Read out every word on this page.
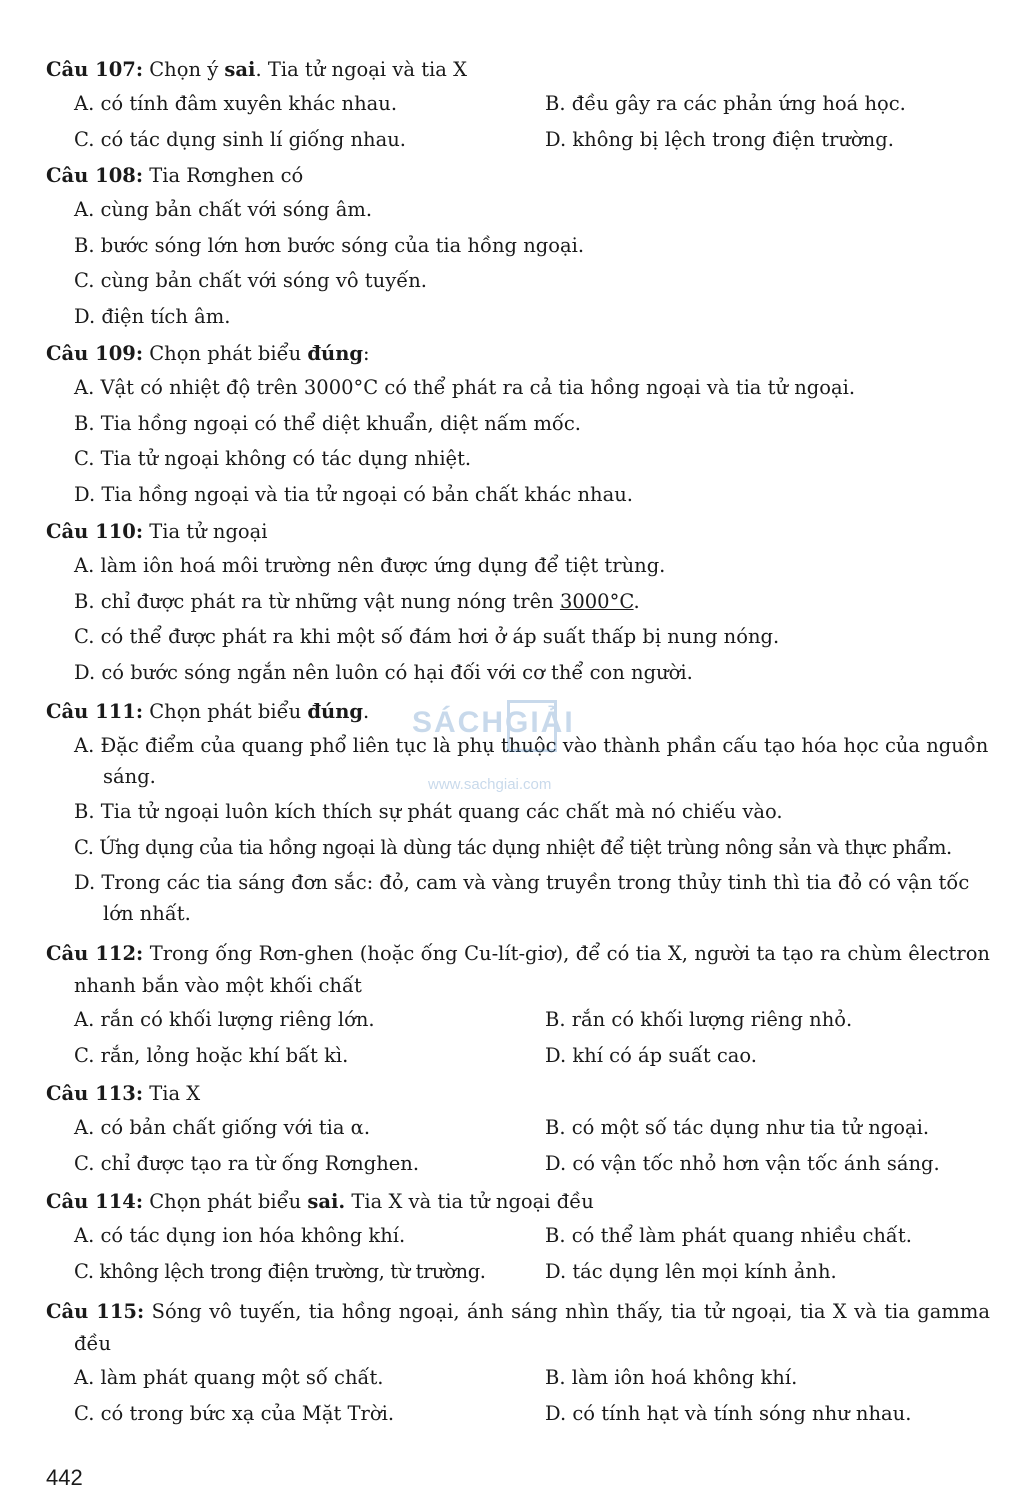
Câu 107: Chọn ý sai. Tia tử ngoại và tia X

A. có tính đâm xuyên khác nhau.	B. đều gây ra các phản ứng hoá học.
C. có tác dụng sinh lí giống nhau.	D. không bị lệch trong điện trường.

Câu 108: Tia Rơnghen có

A. cùng bản chất với sóng âm.
B. bước sóng lớn hơn bước sóng của tia hồng ngoại.
C. cùng bản chất với sóng vô tuyến.
D. điện tích âm.

Câu 109: Chọn phát biểu đúng:

A. Vật có nhiệt độ trên 3000°C có thể phát ra cả tia hồng ngoại và tia tử ngoại.
B. Tia hồng ngoại có thể diệt khuẩn, diệt nấm mốc.
C. Tia tử ngoại không có tác dụng nhiệt.
D. Tia hồng ngoại và tia tử ngoại có bản chất khác nhau.

Câu 110: Tia tử ngoại

A. làm iôn hoá môi trường nên được ứng dụng để tiệt trùng.
B. chỉ được phát ra từ những vật nung nóng trên 3000°C.
C. có thể được phát ra khi một số đám hơi ở áp suất thấp bị nung nóng.
D. có bước sóng ngắn nên luôn có hại đối với cơ thể con người.

Câu 111: Chọn phát biểu đúng.

A. Đặc điểm của quang phổ liên tục là phụ thuộc vào thành phần cấu tạo hóa học của nguồn sáng.
B. Tia tử ngoại luôn kích thích sự phát quang các chất mà nó chiếu vào.
C. Ứng dụng của tia hồng ngoại là dùng tác dụng nhiệt để tiệt trùng nông sản và thực phẩm.
D. Trong các tia sáng đơn sắc: đỏ, cam và vàng truyền trong thủy tinh thì tia đỏ có vận tốc lớn nhất.

Câu 112: Trong ống Rơn-ghen (hoặc ống Cu-lít-giơ), để có tia X, người ta tạo ra chùm êlectron nhanh bắn vào một khối chất

A. rắn có khối lượng riêng lớn.	B. rắn có khối lượng riêng nhỏ.
C. rắn, lỏng hoặc khí bất kì.	D. khí có áp suất cao.

Câu 113: Tia X

A. có bản chất giống với tia α.	B. có một số tác dụng như tia tử ngoại.
C. chỉ được tạo ra từ ống Rơnghen.	D. có vận tốc nhỏ hơn vận tốc ánh sáng.

Câu 114: Chọn phát biểu sai. Tia X và tia tử ngoại đều

A. có tác dụng ion hóa không khí.	B. có thể làm phát quang nhiều chất.
C. không lệch trong điện trường, từ trường.	D. tác dụng lên mọi kính ảnh.

Câu 115: Sóng vô tuyến, tia hồng ngoại, ánh sáng nhìn thấy, tia tử ngoại, tia X và tia gamma đều

A. làm phát quang một số chất.	B. làm iôn hoá không khí.
C. có trong bức xạ của Mặt Trời.	D. có tính hạt và tính sóng như nhau.
SÁCHGIẢI
www.sachgiai.com
442
